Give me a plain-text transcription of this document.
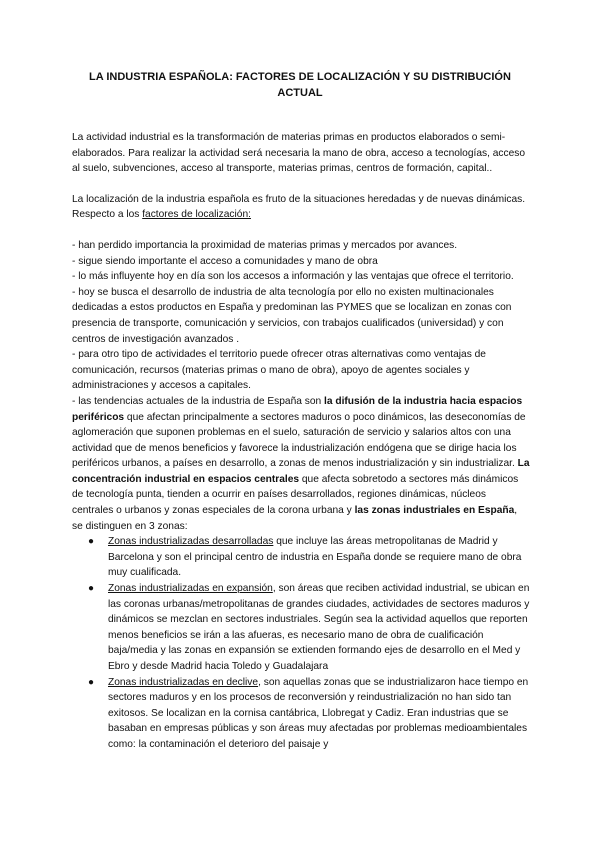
LA INDUSTRIA ESPAÑOLA: FACTORES DE LOCALIZACIÓN Y SU DISTRIBUCIÓN ACTUAL

La actividad industrial es la transformación de materias primas en productos elaborados o semi-elaborados. Para realizar la actividad será necesaria la mano de obra, acceso a tecnologías, acceso al suelo, subvenciones, acceso al transporte, materias primas, centros de formación, capital..

La localización de la industria española es fruto de la situaciones heredadas y de nuevas dinámicas. Respecto a los factores de localización:

- han perdido importancia la proximidad de materias primas y mercados por avances.

- sigue siendo importante el acceso a comunidades y mano de obra

- lo más influyente hoy en día son los accesos a información y las ventajas que ofrece el territorio.

- hoy se busca el desarrollo de industria de alta tecnología por ello no existen multinacionales dedicadas a estos productos en España y predominan las PYMES que se localizan en zonas con presencia de transporte, comunicación y servicios, con trabajos cualificados (universidad) y con centros de investigación avanzados .

- para otro tipo de actividades el territorio puede ofrecer otras alternativas como ventajas de comunicación, recursos (materias primas o mano de obra), apoyo de agentes sociales y administraciones y accesos a capitales.

- las tendencias actuales de la industria de España son la difusión de la industria hacia espacios periféricos que afectan principalmente a sectores maduros o poco dinámicos, las deseconomías de aglomeración que suponen problemas en el suelo, saturación de servicio y salarios altos con una actividad que de menos beneficios y favorece la industrialización endógena que se dirige hacia los periféricos urbanos, a países en desarrollo, a zonas de menos industrialización y sin industrializar. La concentración industrial en espacios centrales que afecta sobretodo a sectores más dinámicos de tecnología punta, tienden a ocurrir en países desarrollados, regiones dinámicas, núcleos centrales o urbanos y zonas especiales de la corona urbana y las zonas industriales en España, se distinguen en 3 zonas:

● Zonas industrializadas desarrolladas que incluye las áreas metropolitanas de Madrid y Barcelona y son el principal centro de industria en España donde se requiere mano de obra muy cualificada.
● Zonas industrializadas en expansión, son áreas que reciben actividad industrial, se ubican en las coronas urbanas/metropolitanas de grandes ciudades, actividades de sectores maduros y dinámicos se mezclan en sectores industriales. Según sea la actividad aquellos que reporten menos beneficios se irán a las afueras, es necesario mano de obra de cualificación baja/media y las zonas en expansión se extienden formando ejes de desarrollo en el Med y Ebro y desde Madrid hacia Toledo y Guadalajara
● Zonas industrializadas en declive, son aquellas zonas que se industrializaron hace tiempo en sectores maduros y en los procesos de reconversión y reindustrialización no han sido tan exitosos. Se localizan en la cornisa cantábrica, Llobregat y Cadiz. Eran industrias que se basaban en empresas públicas y son áreas muy afectadas por problemas medioambientales como: la contaminación el deterioro del paisaje y
